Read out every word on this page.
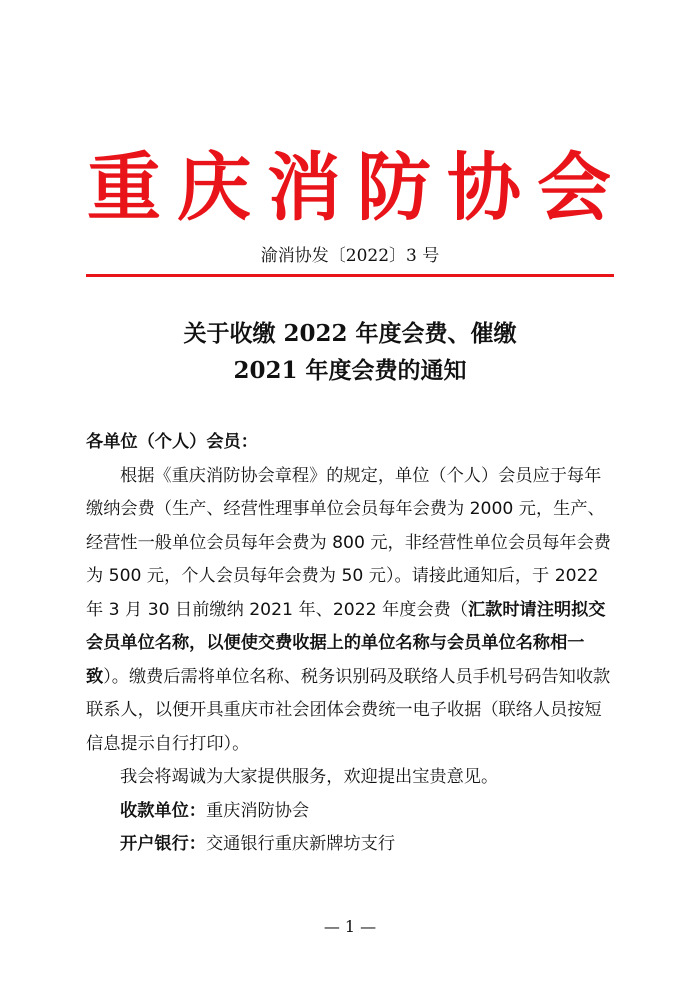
重庆消防协会
渝消协发〔2022〕3 号
关于收缴 2022 年度会费、催缴
2021 年度会费的通知

各单位（个人）会员：

根据《重庆消防协会章程》的规定，单位（个人）会员应于每年缴纳会费（生产、经营性理事单位会员每年会费为 2000 元，生产、经营性一般单位会员每年会费为 800 元，非经营性单位会员每年会费为 500 元，个人会员每年会费为 50 元）。请接此通知后，于 2022 年 3 月 30 日前缴纳 2021 年、2022 年度会费（汇款时请注明拟交会员单位名称，以便使交费收据上的单位名称与会员单位名称相一致）。缴费后需将单位名称、税务识别码及联络人员手机号码告知收款联系人，以便开具重庆市社会团体会费统一电子收据（联络人员按短信息提示自行打印）。

我会将竭诚为大家提供服务，欢迎提出宝贵意见。

收款单位：重庆消防协会

开户银行：交通银行重庆新牌坊支行

— 1 —
